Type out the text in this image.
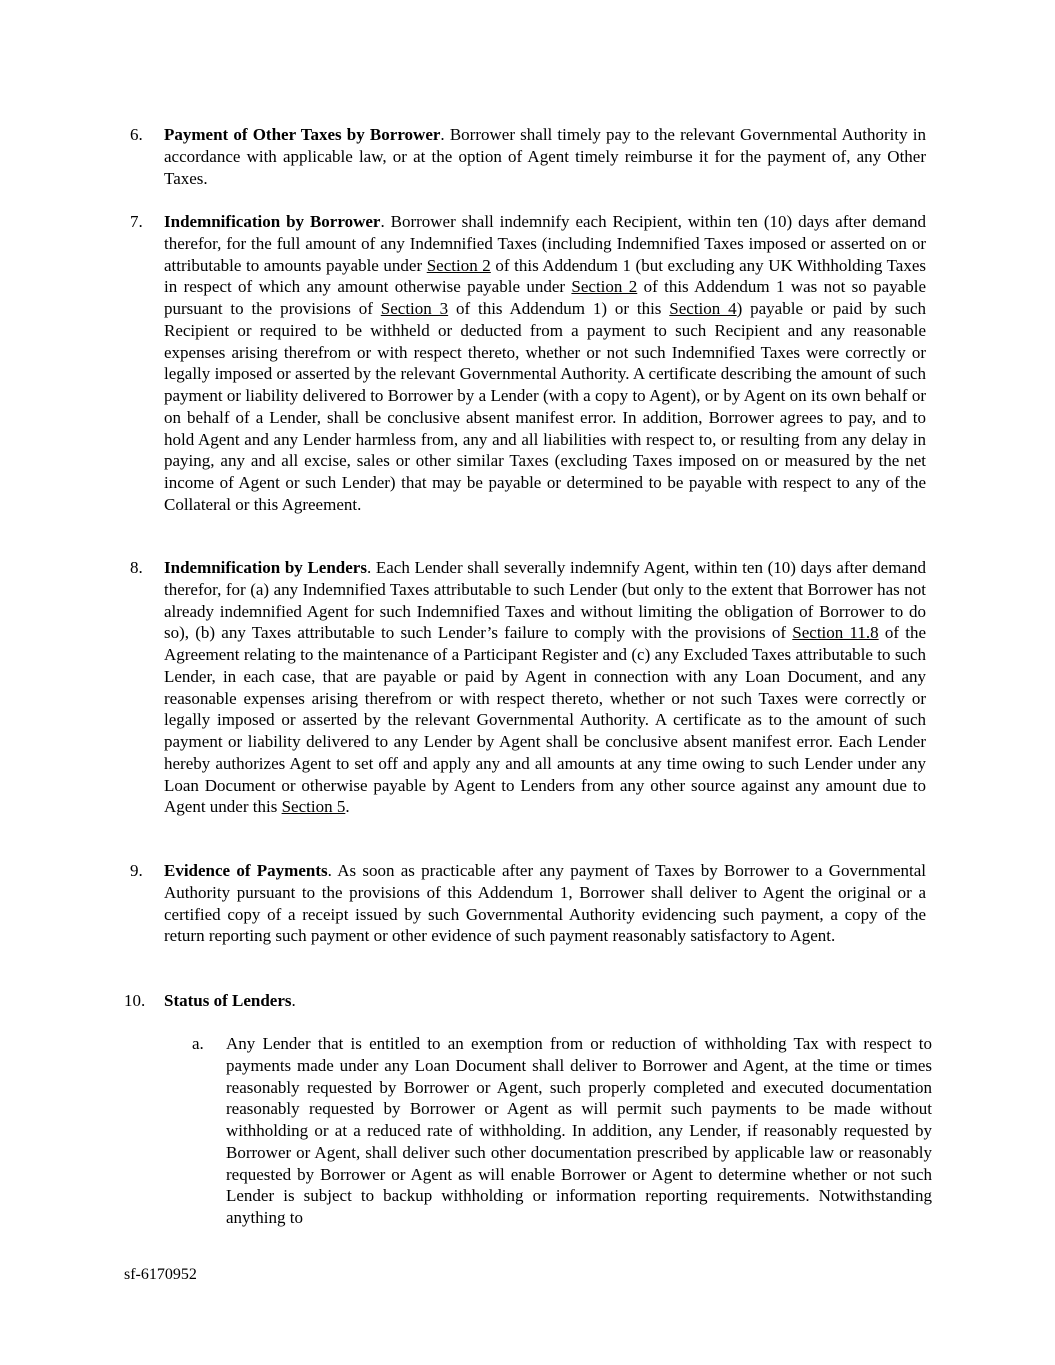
6.	Payment of Other Taxes by Borrower. Borrower shall timely pay to the relevant Governmental Authority in accordance with applicable law, or at the option of Agent timely reimburse it for the payment of, any Other Taxes.
7.	Indemnification by Borrower. Borrower shall indemnify each Recipient, within ten (10) days after demand therefor, for the full amount of any Indemnified Taxes (including Indemnified Taxes imposed or asserted on or attributable to amounts payable under Section 2 of this Addendum 1 (but excluding any UK Withholding Taxes in respect of which any amount otherwise payable under Section 2 of this Addendum 1 was not so payable pursuant to the provisions of Section 3 of this Addendum 1) or this Section 4) payable or paid by such Recipient or required to be withheld or deducted from a payment to such Recipient and any reasonable expenses arising therefrom or with respect thereto, whether or not such Indemnified Taxes were correctly or legally imposed or asserted by the relevant Governmental Authority. A certificate describing the amount of such payment or liability delivered to Borrower by a Lender (with a copy to Agent), or by Agent on its own behalf or on behalf of a Lender, shall be conclusive absent manifest error. In addition, Borrower agrees to pay, and to hold Agent and any Lender harmless from, any and all liabilities with respect to, or resulting from any delay in paying, any and all excise, sales or other similar Taxes (excluding Taxes imposed on or measured by the net income of Agent or such Lender) that may be payable or determined to be payable with respect to any of the Collateral or this Agreement.
8.	Indemnification by Lenders. Each Lender shall severally indemnify Agent, within ten (10) days after demand therefor, for (a) any Indemnified Taxes attributable to such Lender (but only to the extent that Borrower has not already indemnified Agent for such Indemnified Taxes and without limiting the obligation of Borrower to do so), (b) any Taxes attributable to such Lender’s failure to comply with the provisions of Section 11.8 of the Agreement relating to the maintenance of a Participant Register and (c) any Excluded Taxes attributable to such Lender, in each case, that are payable or paid by Agent in connection with any Loan Document, and any reasonable expenses arising therefrom or with respect thereto, whether or not such Taxes were correctly or legally imposed or asserted by the relevant Governmental Authority. A certificate as to the amount of such payment or liability delivered to any Lender by Agent shall be conclusive absent manifest error. Each Lender hereby authorizes Agent to set off and apply any and all amounts at any time owing to such Lender under any Loan Document or otherwise payable by Agent to Lenders from any other source against any amount due to Agent under this Section 5.
9.	Evidence of Payments. As soon as practicable after any payment of Taxes by Borrower to a Governmental Authority pursuant to the provisions of this Addendum 1, Borrower shall deliver to Agent the original or a certified copy of a receipt issued by such Governmental Authority evidencing such payment, a copy of the return reporting such payment or other evidence of such payment reasonably satisfactory to Agent.
10.	Status of Lenders.
a.	Any Lender that is entitled to an exemption from or reduction of withholding Tax with respect to payments made under any Loan Document shall deliver to Borrower and Agent, at the time or times reasonably requested by Borrower or Agent, such properly completed and executed documentation reasonably requested by Borrower or Agent as will permit such payments to be made without withholding or at a reduced rate of withholding. In addition, any Lender, if reasonably requested by Borrower or Agent, shall deliver such other documentation prescribed by applicable law or reasonably requested by Borrower or Agent as will enable Borrower or Agent to determine whether or not such Lender is subject to backup withholding or information reporting requirements. Notwithstanding anything to
sf-6170952
